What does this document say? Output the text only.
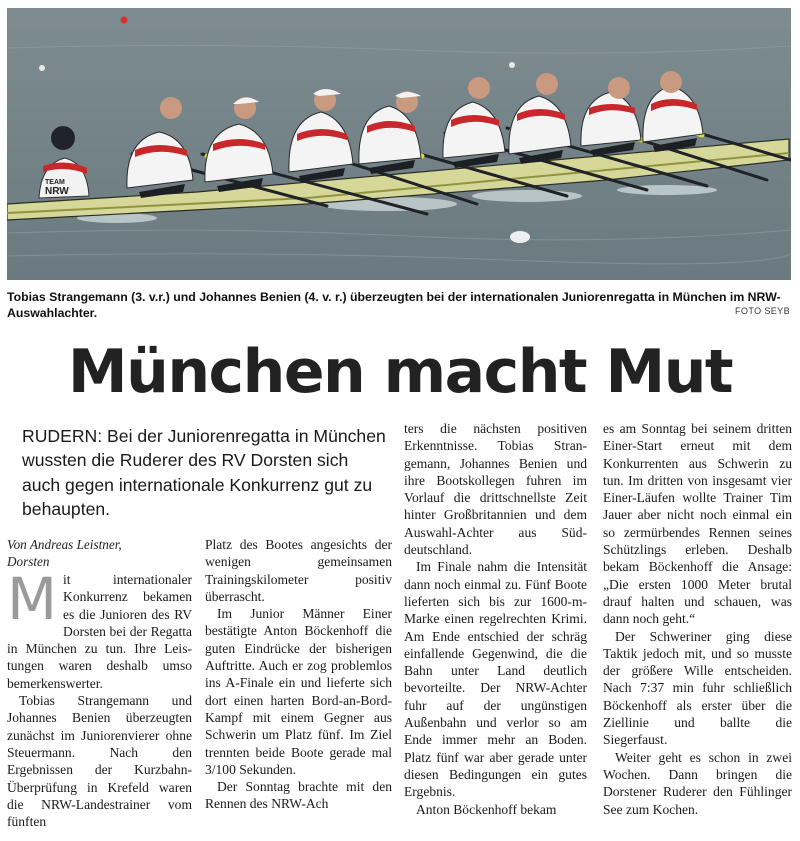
TEAM
NRW
Tobias Strangemann (3. v.r.) und Johannes Benien (4. v. r.) überzeugten bei der internationalen Juniorenregatta in München im NRW-Auswahlachter.	FOTO SEYB
München macht Mut
RUDERN: Bei der Juniorenregatta in München wussten die Ruderer des RV Dorsten sich auch gegen internationale Konkurrenz gut zu behaupten.
Von Andreas Leistner,
Dorsten

Mit internationaler Konkurrenz bekamen es die Junioren des RV Dorsten bei der Regatta in München zu tun. Ihre Leistungen waren deshalb umso bemerkenswerter.

Tobias Strangemann und Johannes Benien überzeugten zunächst im Juniorenvierer ohne Steuermann. Nach den Ergebnissen der Kurzbahn-Überprüfung in Krefeld waren die NRW-Landestrainer vom fünften

Platz des Bootes angesichts der wenigen gemeinsamen Trainingskilometer positiv überrascht.

Im Junior Männer Einer bestätigte Anton Böckenhoff die guten Eindrücke der bisherigen Auftritte. Auch er zog problemlos ins A-Finale ein und lieferte sich dort einen harten Bord-an-Bord-Kampf mit einem Gegner aus Schwerin um Platz fünf. Im Ziel trennten beide Boote gerade mal 3/100 Sekunden.

Der Sonntag brachte mit den Rennen des NRW-Ach

ters die nächsten positiven Erkenntnisse. Tobias Strangemann, Johannes Benien und ihre Bootskollegen fuhren im Vorlauf die drittschnellste Zeit hinter Großbritannien und dem Auswahl-Achter aus Süddeutschland.

Im Finale nahm die Intensität dann noch einmal zu. Fünf Boote lieferten sich bis zur 1600-m-Marke einen regelrechten Krimi. Am Ende entschied der schräg einfallende Gegenwind, die die Bahn unter Land deutlich bevorteilte. Der NRW-Achter fuhr auf der ungünstigen Außenbahn und verlor so am Ende immer mehr an Boden. Platz fünf war aber gerade unter diesen Bedingungen ein gutes Ergebnis.

Anton Böckenhoff bekam

es am Sonntag bei seinem dritten Einer-Start erneut mit dem Konkurrenten aus Schwerin zu tun. Im dritten von insgesamt vier Einer-Läufen wollte Trainer Tim Jauer aber nicht noch einmal ein so zermürbendes Rennen seines Schützlings erleben. Deshalb bekam Böckenhoff die Ansage: „Die ersten 1000 Meter brutal drauf halten und schauen, was dann noch geht.“

Der Schweriner ging diese Taktik jedoch mit, und so musste der größere Wille entscheiden. Nach 7:37 min fuhr schließlich Böckenhoff als erster über die Ziellinie und ballte die Siegerfaust.

Weiter geht es schon in zwei Wochen. Dann bringen die Dorstener Ruderer den Fühlinger See zum Kochen.
